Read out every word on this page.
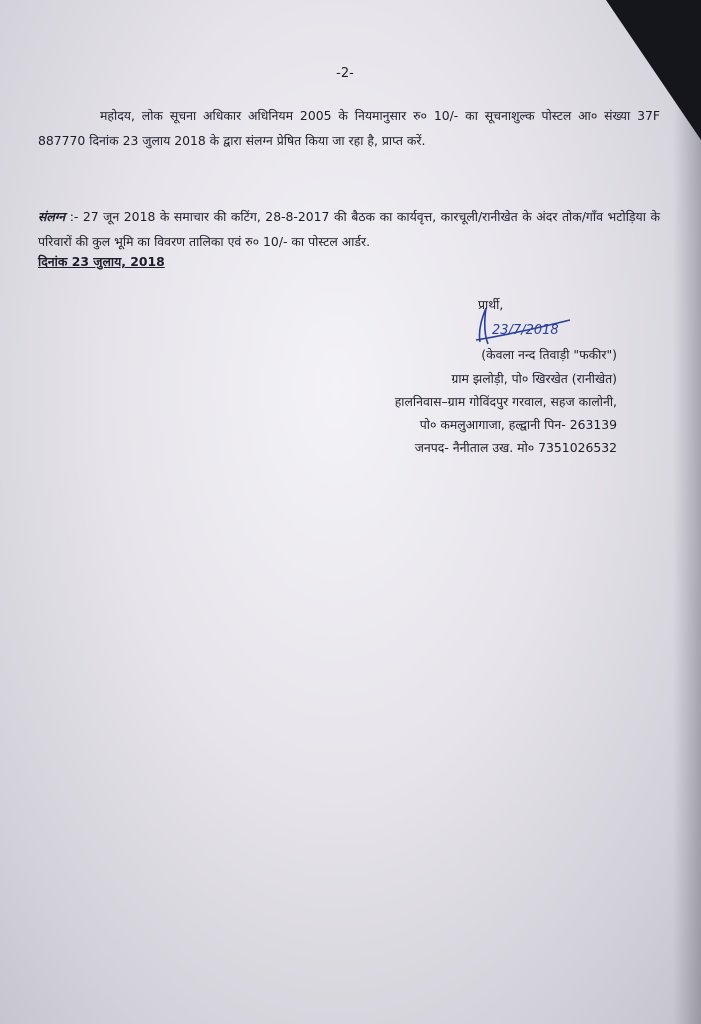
-2-
महोदय, लोक सूचना अधिकार अधिनियम 2005 के नियमानुसार रु० 10/- का सूचनाशुल्क पोस्टल आ० संख्या 37F 887770 दिनांक 23 जुलाय 2018 के द्वारा संलग्न प्रेषित किया जा रहा है, प्राप्त करें.
संलग्न :- 27 जून 2018 के समाचार की कटिंग, 28-8-2017 की बैठक का कार्यवृत्त, कारचूली/रानीखेत के अंदर तोक/गाँव भटोड़िया के परिवारों की कुल भूमि का विवरण तालिका एवं रु० 10/- का पोस्टल आर्डर.
दिनांक 23 जुलाय, 2018
प्रार्थी,
23/7/2018
(केवला नन्द तिवाड़ी "फकीर")
ग्राम झलोड़ी, पो० खिरखेत (रानीखेत)
हालनिवास–ग्राम गोविंदपुर गरवाल, सहज कालोनी,
पो० कमलुआगाजा, हल्द्वानी पिन- 263139
जनपद- नैनीताल उख. मो० 7351026532
